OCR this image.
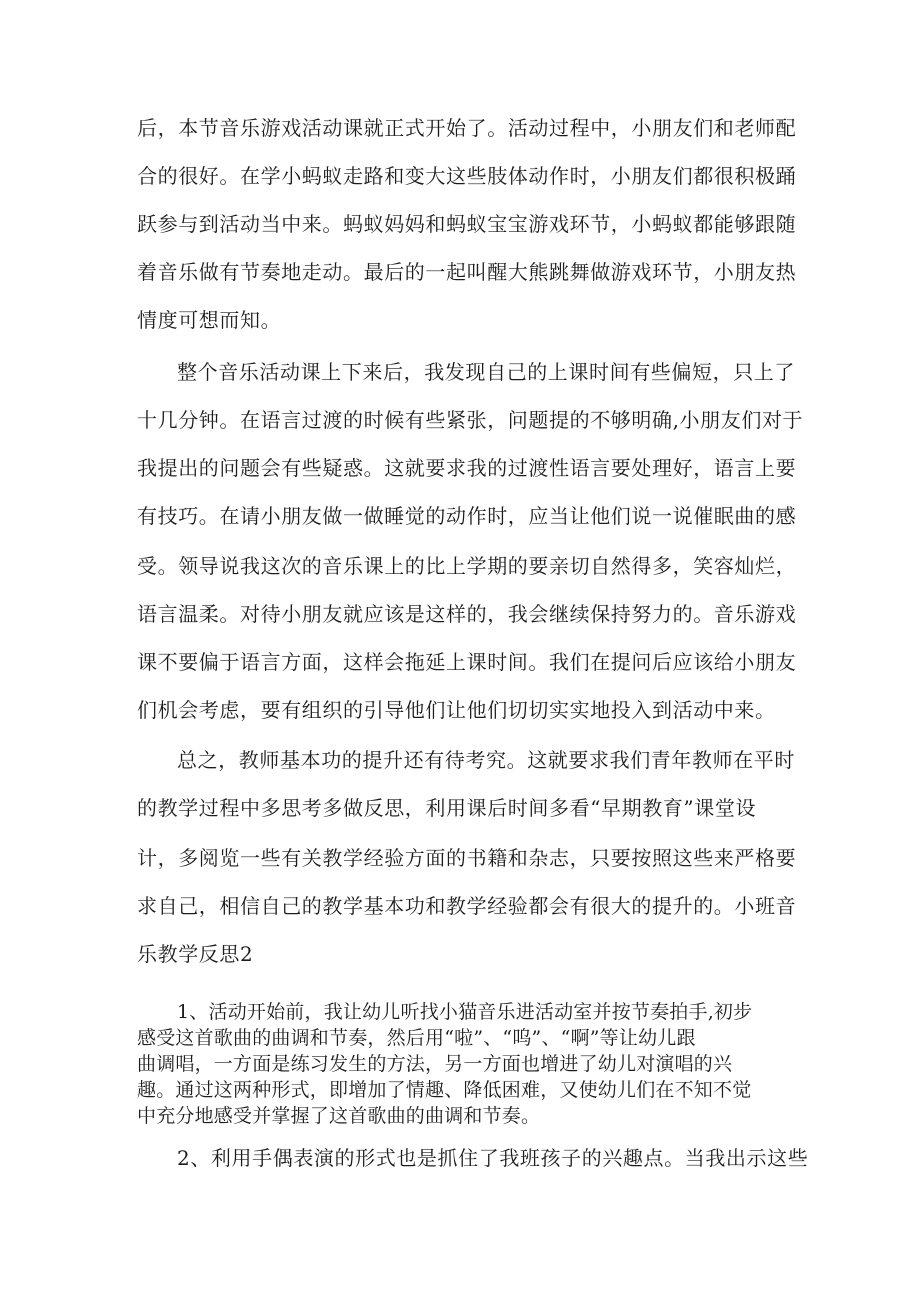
后，本节音乐游戏活动课就正式开始了。活动过程中，小朋友们和老师配
合的很好。在学小蚂蚁走路和变大这些肢体动作时，小朋友们都很积极踊
跃参与到活动当中来。蚂蚁妈妈和蚂蚁宝宝游戏环节，小蚂蚁都能够跟随
着音乐做有节奏地走动。最后的一起叫醒大熊跳舞做游戏环节，小朋友热
情度可想而知。
整个音乐活动课上下来后，我发现自己的上课时间有些偏短，只上了
十几分钟。在语言过渡的时候有些紧张，问题提的不够明确,小朋友们对于
我提出的问题会有些疑惑。这就要求我的过渡性语言要处理好，语言上要
有技巧。在请小朋友做一做睡觉的动作时，应当让他们说一说催眠曲的感
受。领导说我这次的音乐课上的比上学期的要亲切自然得多，笑容灿烂，
语言温柔。对待小朋友就应该是这样的，我会继续保持努力的。音乐游戏
课不要偏于语言方面，这样会拖延上课时间。我们在提问后应该给小朋友
们机会考虑，要有组织的引导他们让他们切切实实地投入到活动中来。
总之，教师基本功的提升还有待考究。这就要求我们青年教师在平时
的教学过程中多思考多做反思，利用课后时间多看“早期教育”课堂设
计，多阅览一些有关教学经验方面的书籍和杂志，只要按照这些来严格要
求自己，相信自己的教学基本功和教学经验都会有很大的提升的。小班音
乐教学反思2
1、活动开始前，我让幼儿听找小猫音乐进活动室并按节奏拍手,初步
感受这首歌曲的曲调和节奏，然后用“啦”、“呜”、“啊”等让幼儿跟
曲调唱，一方面是练习发生的方法，另一方面也增进了幼儿对演唱的兴
趣。通过这两种形式，即增加了情趣、降低困难，又使幼儿们在不知不觉
中充分地感受并掌握了这首歌曲的曲调和节奏。
2、利用手偶表演的形式也是抓住了我班孩子的兴趣点。当我出示这些
